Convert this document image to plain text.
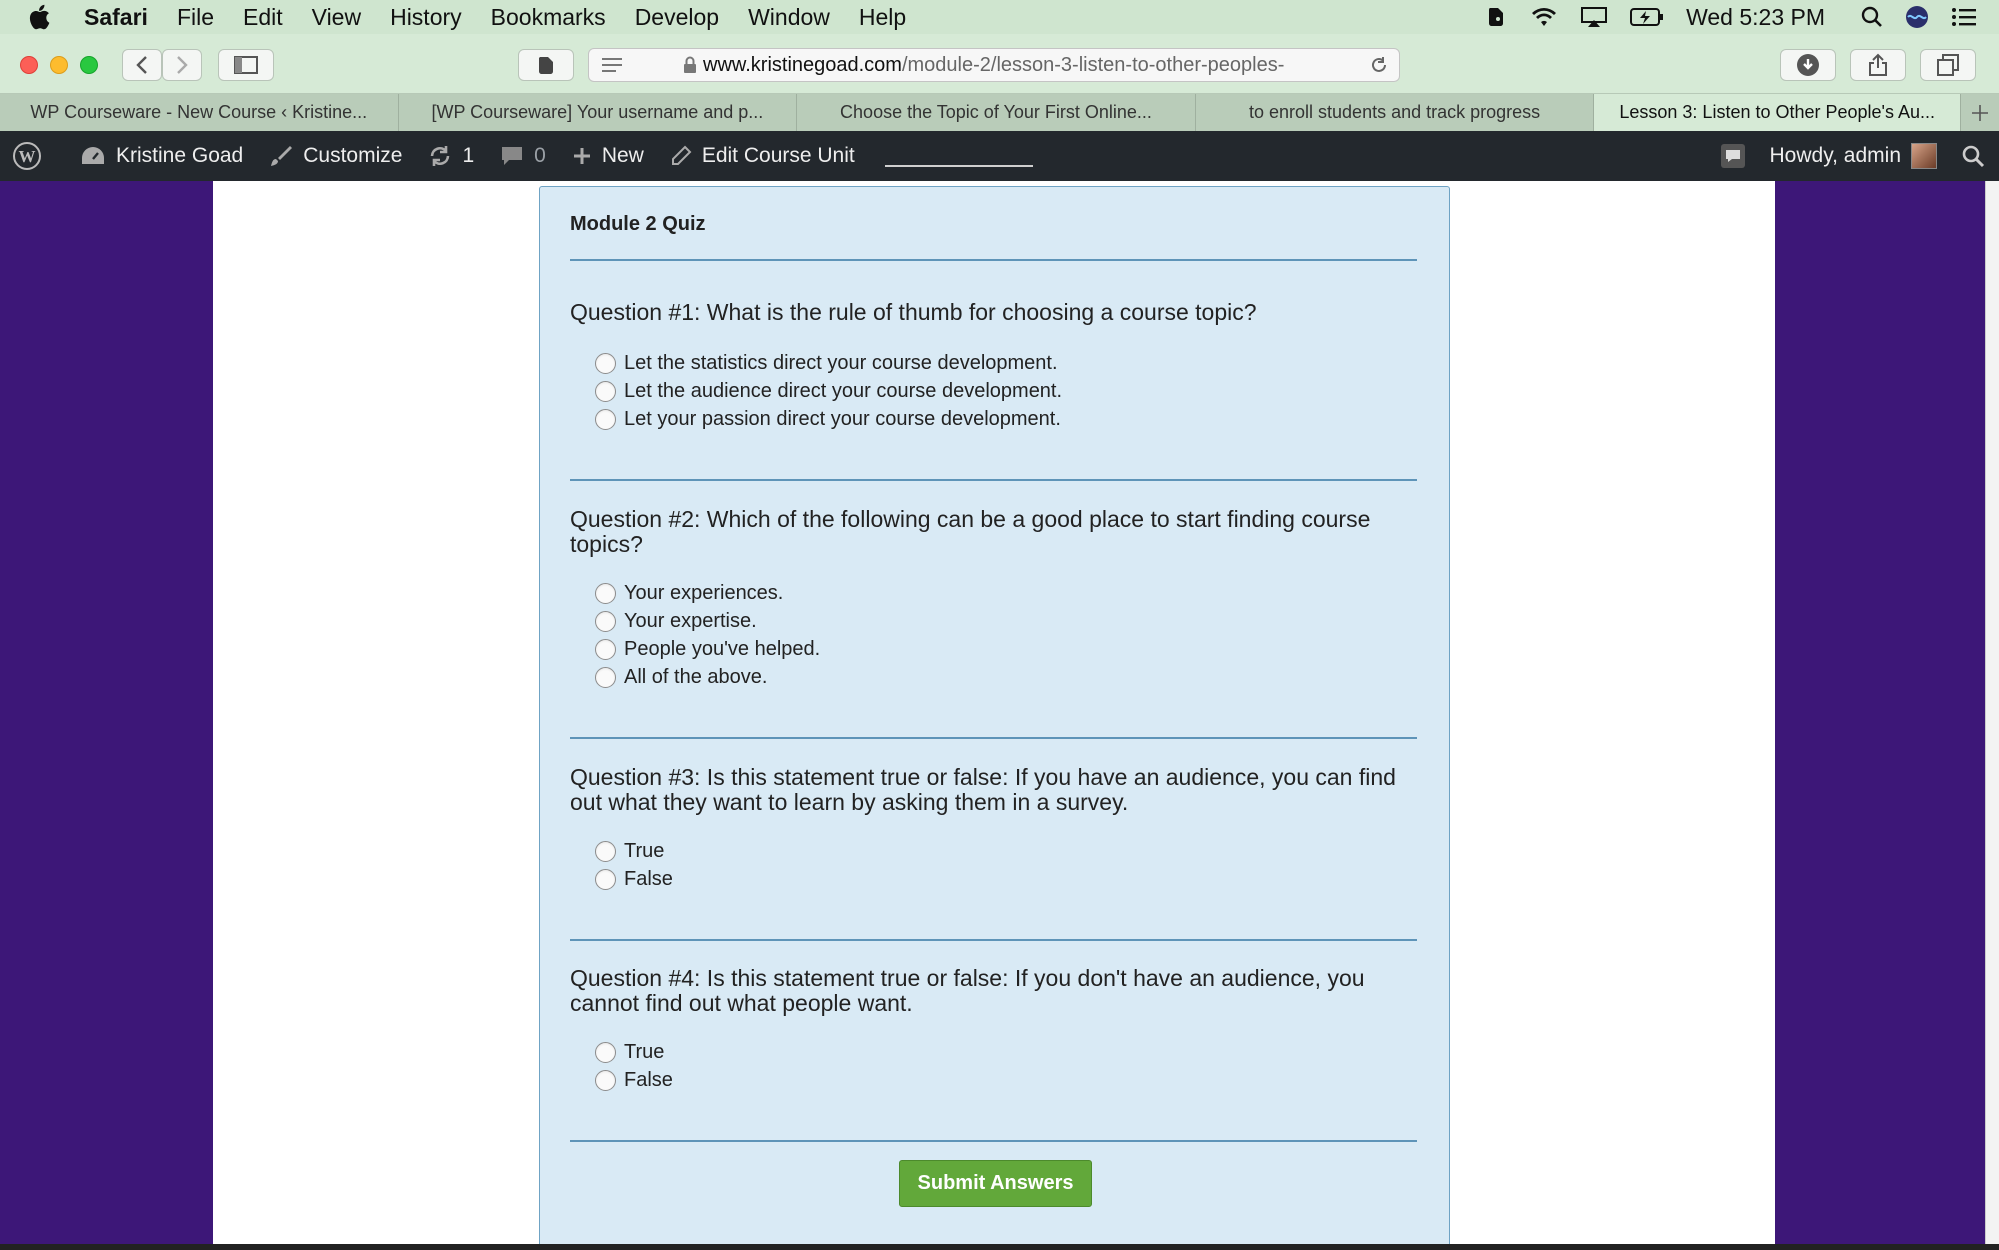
Safari File Edit View History Bookmarks Develop Window Help	Wed 5:23 PM
www.kristinegoad.com /module-2/lesson-3-listen-to-other-peoples-
WP Courseware - New Course ‹ Kristine...	[WP Courseware] Your username and p...	Choose the Topic of Your First Online...	to enroll students and track progress	Lesson 3: Listen to Other People's Au...
W	Kristine Goad	Customize	1	0	New	Edit Course Unit	Howdy, admin
Module 2 Quiz
Question #1: What is the rule of thumb for choosing a course topic?
Let the statistics direct your course development.
Let the audience direct your course development.
Let your passion direct your course development.
Question #2: Which of the following can be a good place to start finding course topics?
Your experiences.
Your expertise.
People you've helped.
All of the above.
Question #3: Is this statement true or false: If you have an audience, you can find out what they want to learn by asking them in a survey.
True
False
Question #4: Is this statement true or false: If you don't have an audience, you cannot find out what people want.
True
False
Submit Answers
